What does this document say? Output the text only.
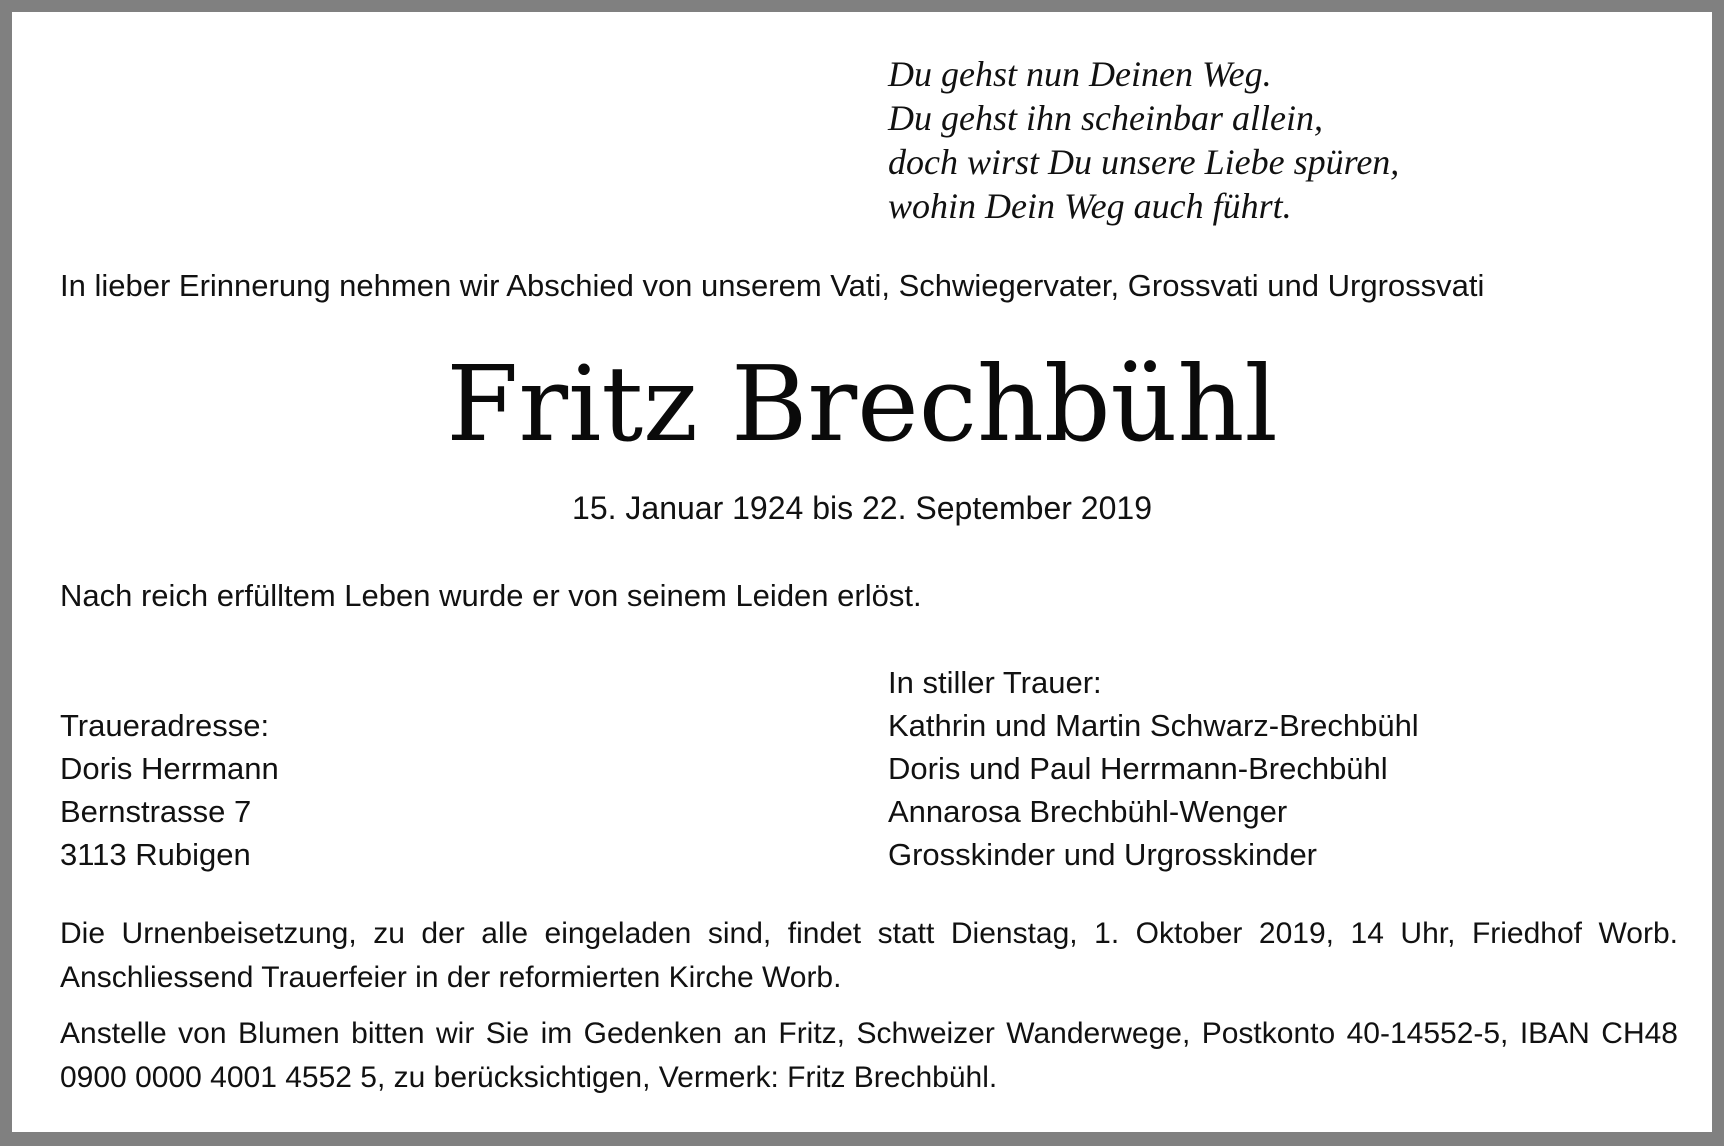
Du gehst nun Deinen Weg.
Du gehst ihn scheinbar allein,
doch wirst Du unsere Liebe spüren,
wohin Dein Weg auch führt.
In lieber Erinnerung nehmen wir Abschied von unserem Vati, Schwiegervater, Grossvati und Urgrossvati
Fritz Brechbühl
15. Januar 1924 bis 22. September 2019
Nach reich erfülltem Leben wurde er von seinem Leiden erlöst.
Traueradresse:
Doris Herrmann
Bernstrasse 7
3113 Rubigen
In stiller Trauer:
Kathrin und Martin Schwarz-Brechbühl
Doris und Paul Herrmann-Brechbühl
Annarosa Brechbühl-Wenger
Grosskinder und Urgrosskinder
Die Urnenbeisetzung, zu der alle eingeladen sind, findet statt Dienstag, 1. Oktober 2019, 14 Uhr, Friedhof Worb. Anschliessend Trauerfeier in der reformierten Kirche Worb.
Anstelle von Blumen bitten wir Sie im Gedenken an Fritz, Schweizer Wanderwege, Postkonto 40-14552-5, IBAN CH48 0900 0000 4001 4552 5, zu berücksichtigen, Vermerk: Fritz Brechbühl.
